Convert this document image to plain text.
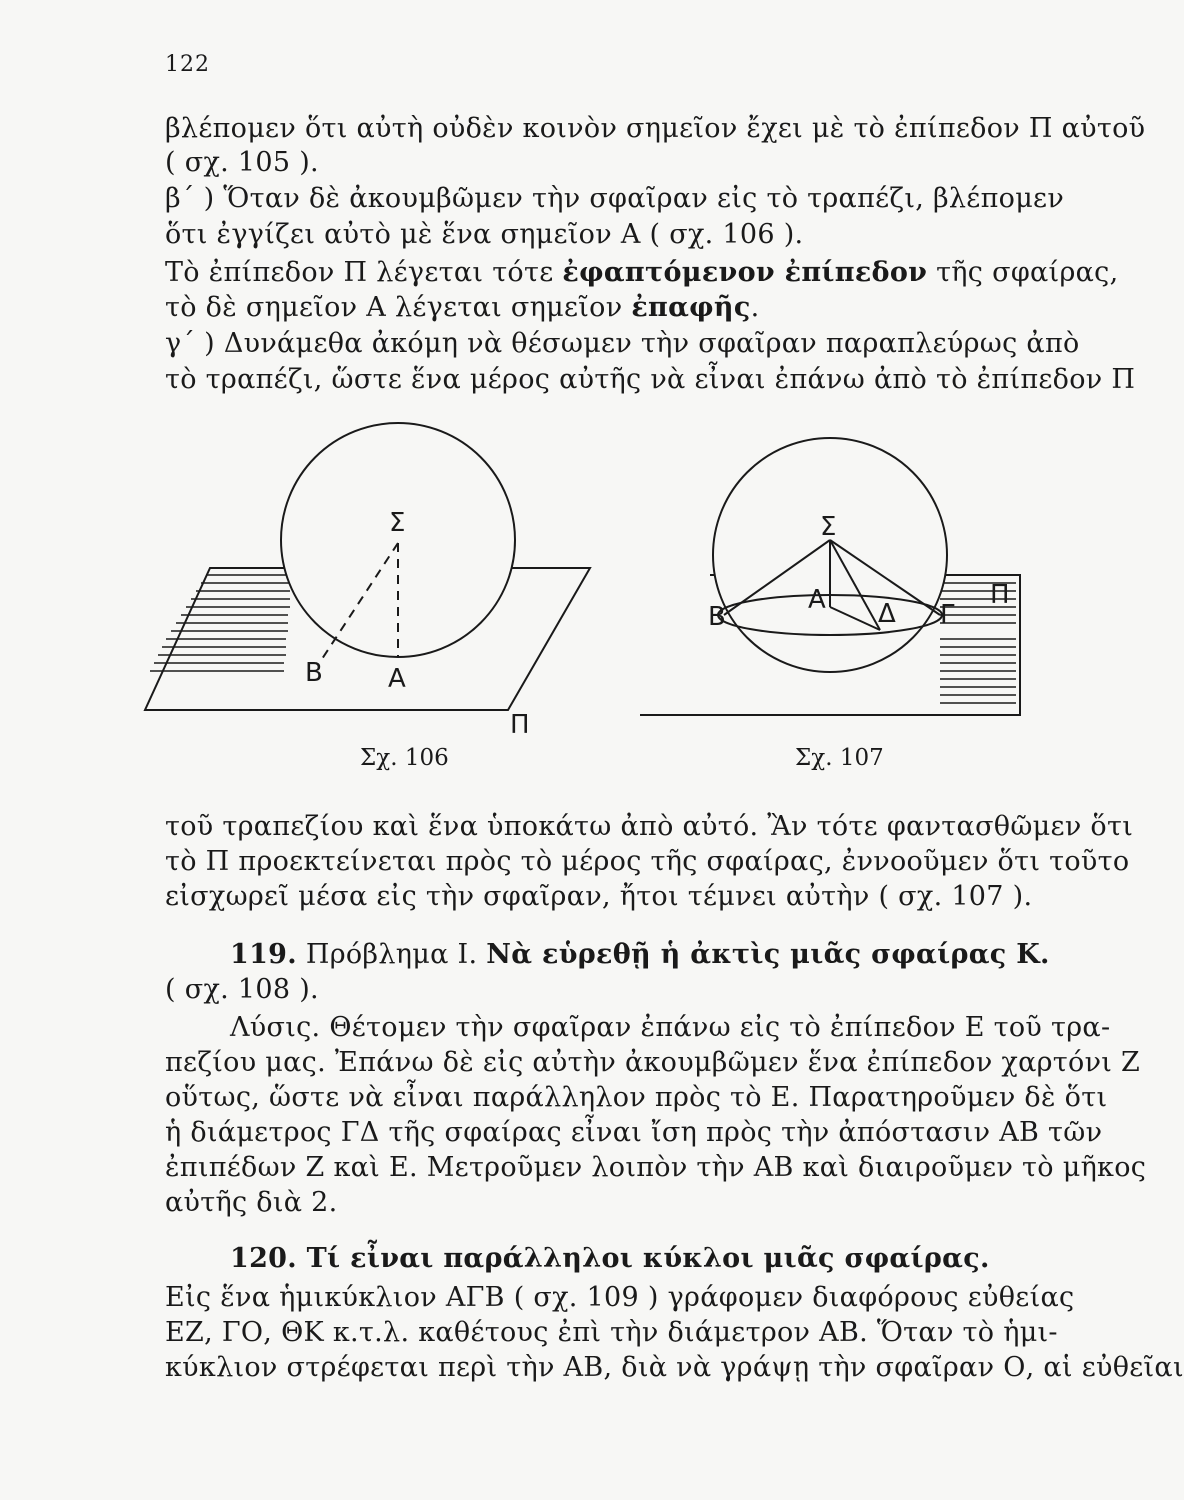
122
βλέπομεν ὅτι αὐτὴ οὐδὲν κοινὸν σημεῖον ἔχει μὲ τὸ ἐπίπεδον Π αὐτοῦ
( σχ. 105 ).
β΄ ) Ὅταν δὲ ἀκουμβῶμεν τὴν σφαῖραν εἰς τὸ τραπέζι, βλέπομεν
ὅτι ἐγγίζει αὐτὸ μὲ ἕνα σημεῖον Α ( σχ. 106 ).
Τὸ ἐπίπεδον Π λέγεται τότε ἐφαπτόμενον ἐπίπεδον τῆς σφαίρας,
τὸ δὲ σημεῖον Α λέγεται σημεῖον ἐπαφῆς.
γ΄ ) Δυνάμεθα ἀκόμη νὰ θέσωμεν τὴν σφαῖραν παραπλεύρως ἀπὸ
τὸ τραπέζι, ὥστε ἕνα μέρος αὐτῆς νὰ εἶναι ἐπάνω ἀπὸ τὸ ἐπίπεδον Π
Σ
Β	Α
Π
Σ
Β
Α Δ Γ
Π
Σχ. 106	Σχ. 107
τοῦ τραπεζίου καὶ ἕνα ὑποκάτω ἀπὸ αὐτό. Ἂν τότε φαντασθῶμεν ὅτι
τὸ Π προεκτείνεται πρὸς τὸ μέρος τῆς σφαίρας, ἐννοοῦμεν ὅτι τοῦτο
εἰσχωρεῖ μέσα εἰς τὴν σφαῖραν, ἤτοι τέμνει αὐτὴν ( σχ. 107 ).
119. Πρόβλημα Ι. Νὰ εὑρεθῇ ἡ ἀκτὶς μιᾶς σφαίρας Κ.
( σχ. 108 ).
Λύσις. Θέτομεν τὴν σφαῖραν ἐπάνω εἰς τὸ ἐπίπεδον Ε τοῦ τρα-
πεζίου μας. Ἐπάνω δὲ εἰς αὐτὴν ἀκουμβῶμεν ἕνα ἐπίπεδον χαρτόνι Ζ
οὕτως, ὥστε νὰ εἶναι παράλληλον πρὸς τὸ Ε. Παρατηροῦμεν δὲ ὅτι
ἡ διάμετρος ΓΔ τῆς σφαίρας εἶναι ἴση πρὸς τὴν ἀπόστασιν ΑΒ τῶν
ἐπιπέδων Ζ καὶ Ε. Μετροῦμεν λοιπὸν τὴν ΑΒ καὶ διαιροῦμεν τὸ μῆκος
αὐτῆς διὰ 2.
120. Τί εἶναι παράλληλοι κύκλοι μιᾶς σφαίρας.
Εἰς ἕνα ἡμικύκλιον ΑΓΒ ( σχ. 109 ) γράφομεν διαφόρους εὐθείας
ΕΖ, ΓΟ, ΘΚ κ.τ.λ. καθέτους ἐπὶ τὴν διάμετρον ΑΒ. Ὅταν τὸ ἡμι-
κύκλιον στρέφεται περὶ τὴν ΑΒ, διὰ νὰ γράψῃ τὴν σφαῖραν Ο, αἱ εὐθεῖαι
